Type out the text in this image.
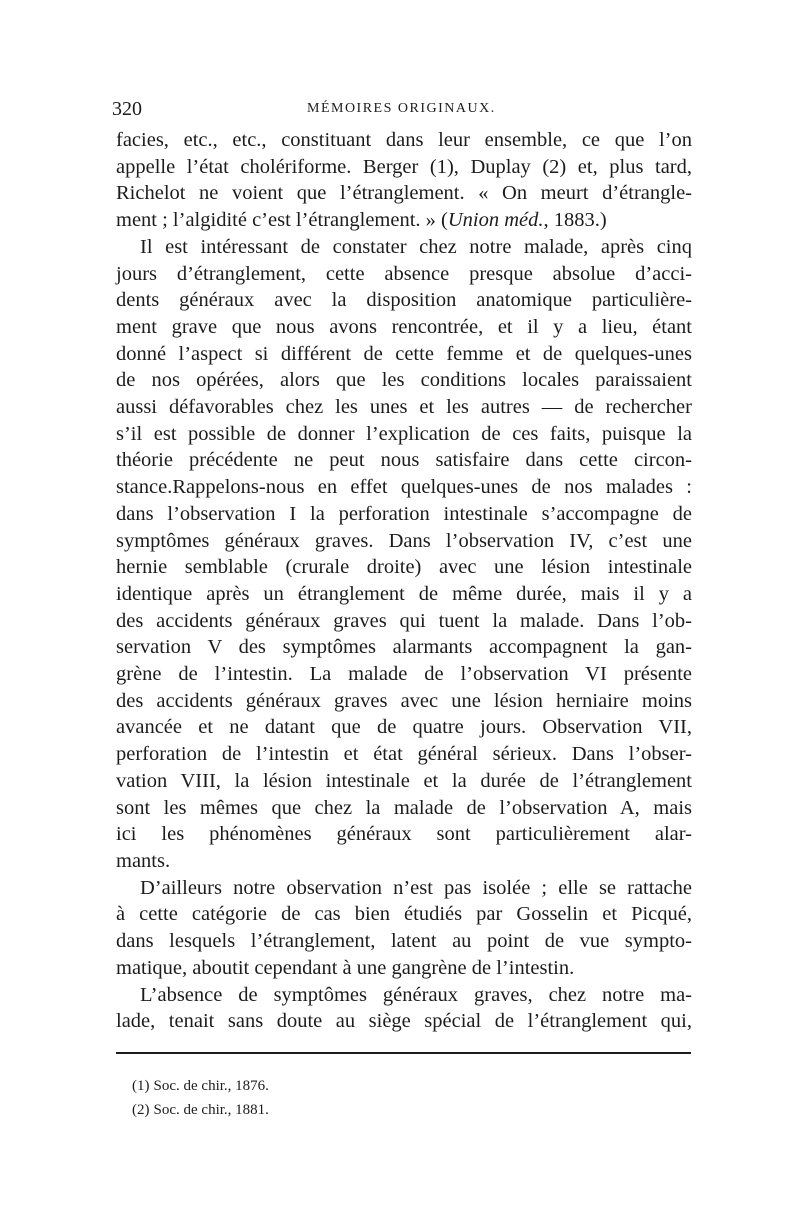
320	MÉMOIRES ORIGINAUX.

facies, etc., etc., constituant dans leur ensemble, ce que l’on

appelle l’état cholériforme. Berger (1), Duplay (2) et, plus tard,

Richelot ne voient que l’étranglement. « On meurt d’étrangle-

ment ; l’algidité c’est l’étranglement. » (Union méd., 1883.)

Il est intéressant de constater chez notre malade, après cinq

jours d’étranglement, cette absence presque absolue d’acci-

dents généraux avec la disposition anatomique particulière-

ment grave que nous avons rencontrée, et il y a lieu, étant

donné l’aspect si différent de cette femme et de quelques-unes

de nos opérées, alors que les conditions locales paraissaient

aussi défavorables chez les unes et les autres — de rechercher

s’il est possible de donner l’explication de ces faits, puisque la

théorie précédente ne peut nous satisfaire dans cette circon-

stance.Rappelons-nous en effet quelques-unes de nos malades :

dans l’observation I la perforation intestinale s’accompagne de

symptômes généraux graves. Dans l’observation IV, c’est une

hernie semblable (crurale droite) avec une lésion intestinale

identique après un étranglement de même durée, mais il y a

des accidents généraux graves qui tuent la malade. Dans l’ob-

servation V des symptômes alarmants accompagnent la gan-

grène de l’intestin. La malade de l’observation VI présente

des accidents généraux graves avec une lésion herniaire moins

avancée et ne datant que de quatre jours. Observation VII,

perforation de l’intestin et état général sérieux. Dans l’obser-

vation VIII, la lésion intestinale et la durée de l’étranglement

sont les mêmes que chez la malade de l’observation A, mais

ici les phénomènes généraux sont particulièrement alar-

mants.

D’ailleurs notre observation n’est pas isolée ; elle se rattache

à cette catégorie de cas bien étudiés par Gosselin et Picqué,

dans lesquels l’étranglement, latent au point de vue sympto-

matique, aboutit cependant à une gangrène de l’intestin.

L’absence de symptômes généraux graves, chez notre ma-

lade, tenait sans doute au siège spécial de l’étranglement qui,

(1) Soc. de chir., 1876.
(2) Soc. de chir., 1881.
